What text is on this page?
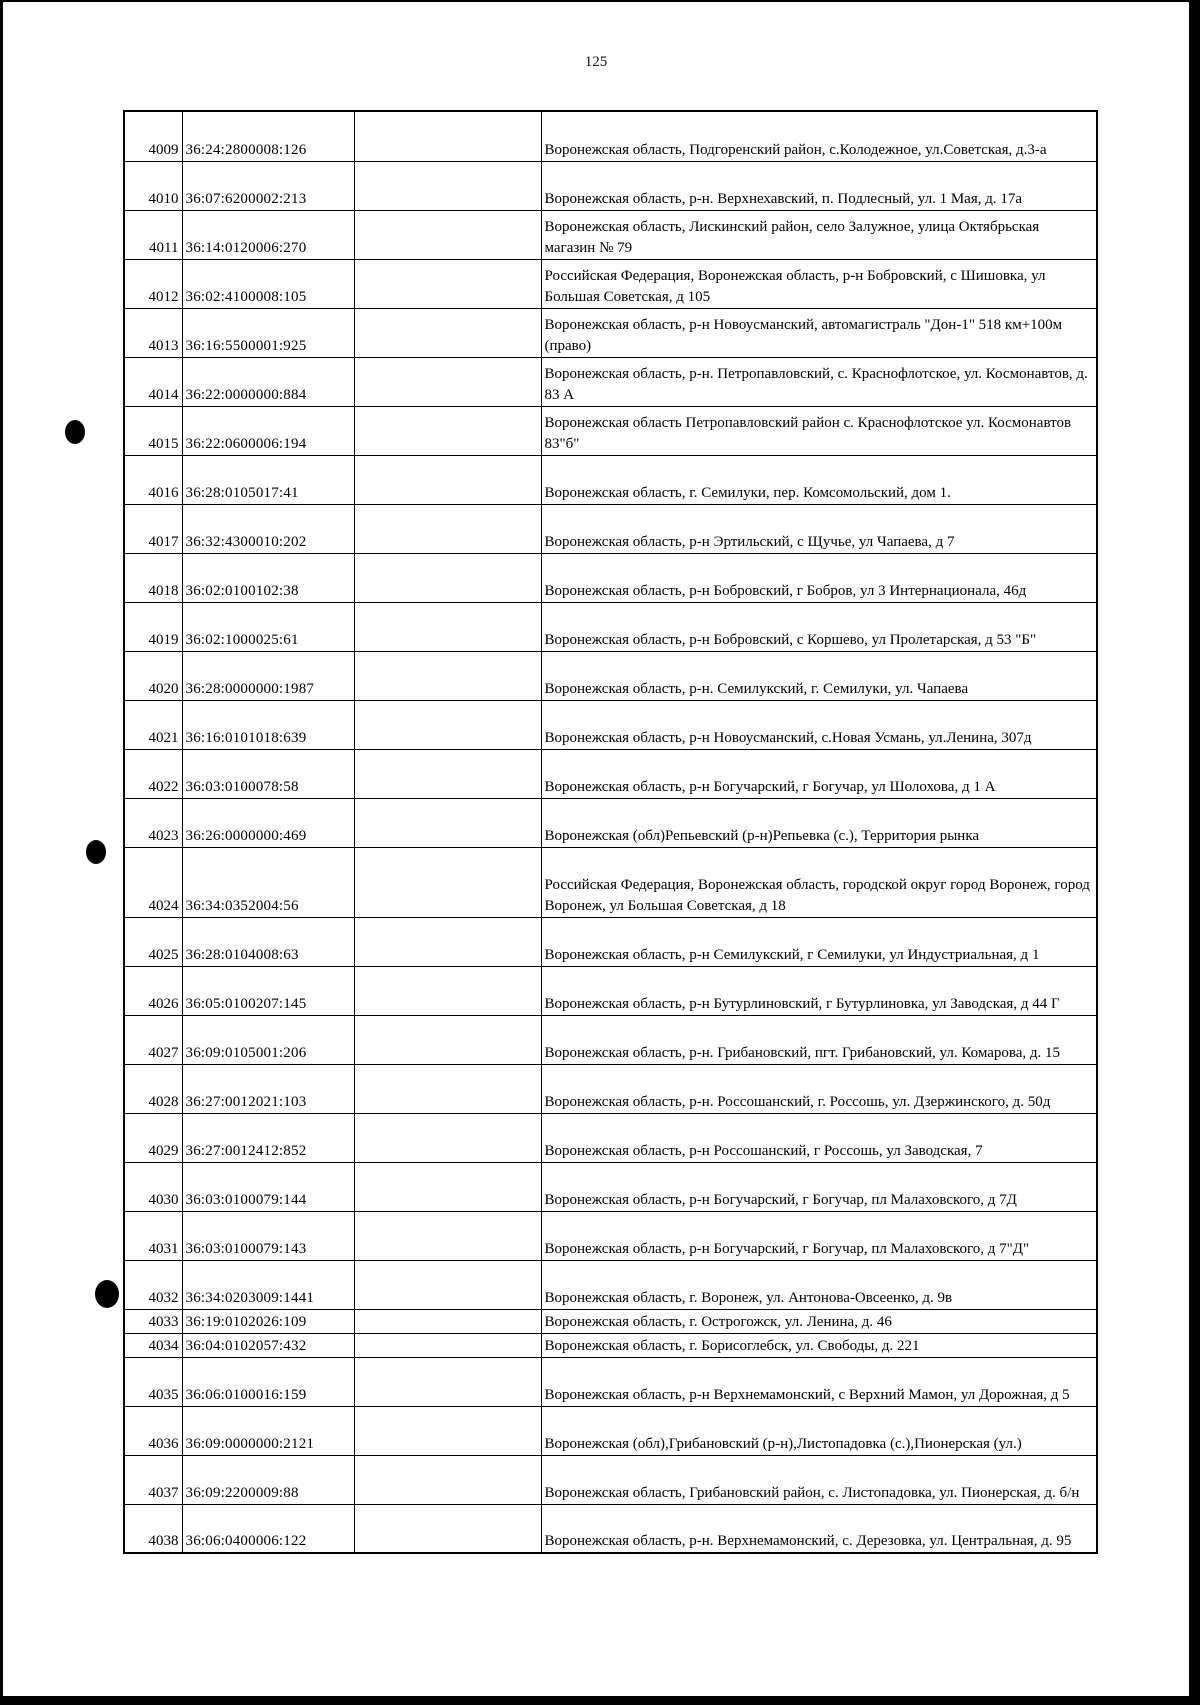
125
4009	36:24:2800008:126		Воронежская область, Подгоренский район, с.Колодежное, ул.Советская, д.3-а
4010	36:07:6200002:213		Воронежская область, р-н. Верхнехавский, п. Подлесный, ул. 1 Мая, д. 17а
4011	36:14:0120006:270		Воронежская область, Лискинский район, село Залужное, улица Октябрьская магазин № 79
4012	36:02:4100008:105		Российская Федерация, Воронежская область, р-н Бобровский, с Шишовка, ул Большая Советская, д 105
4013	36:16:5500001:925		Воронежская область, р-н Новоусманский, автомагистраль "Дон-1" 518 км+100м (право)
4014	36:22:0000000:884		Воронежская область, р-н. Петропавловский, с. Краснофлотское, ул. Космонавтов, д. 83 А
4015	36:22:0600006:194		Воронежская область Петропавловский район с. Краснофлотское ул. Космонавтов 83"б"
4016	36:28:0105017:41		Воронежская область, г. Семилуки, пер. Комсомольский, дом 1.
4017	36:32:4300010:202		Воронежская область, р-н Эртильский, с Щучье, ул Чапаева, д 7
4018	36:02:0100102:38		Воронежская область, р-н Бобровский, г Бобров, ул 3 Интернационала, 46д
4019	36:02:1000025:61		Воронежская область, р-н Бобровский, с Коршево, ул Пролетарская, д 53 "Б"
4020	36:28:0000000:1987		Воронежская область, р-н. Семилукский, г. Семилуки, ул. Чапаева
4021	36:16:0101018:639		Воронежская область, р-н Новоусманский, с.Новая Усмань, ул.Ленина, 307д
4022	36:03:0100078:58		Воронежская область, р-н Богучарский, г Богучар, ул Шолохова, д 1 А
4023	36:26:0000000:469		Воронежская (обл)Репьевский (р-н)Репьевка (с.), Территория рынка
4024	36:34:0352004:56		Российская Федерация, Воронежская область, городской округ город Воронеж, город Воронеж, ул Большая Советская, д 18
4025	36:28:0104008:63		Воронежская область, р-н Семилукский, г Семилуки, ул Индустриальная, д 1
4026	36:05:0100207:145		Воронежская область, р-н Бутурлиновский, г Бутурлиновка, ул Заводская, д 44 Г
4027	36:09:0105001:206		Воронежская область, р-н. Грибановский, пгт. Грибановский, ул. Комарова, д. 15
4028	36:27:0012021:103		Воронежская область, р-н. Россошанский, г. Россошь, ул. Дзержинского, д. 50д
4029	36:27:0012412:852		Воронежская область, р-н Россошанский, г Россошь, ул Заводская, 7
4030	36:03:0100079:144		Воронежская область, р-н Богучарский, г Богучар, пл Малаховского, д 7Д
4031	36:03:0100079:143		Воронежская область, р-н Богучарский, г Богучар, пл Малаховского, д 7"Д"
4032	36:34:0203009:1441		Воронежская область, г. Воронеж, ул. Антонова-Овсеенко, д. 9в
4033	36:19:0102026:109		Воронежская область, г. Острогожск, ул. Ленина, д. 46
4034	36:04:0102057:432		Воронежская область, г. Борисоглебск, ул. Свободы, д. 221
4035	36:06:0100016:159		Воронежская область, р-н Верхнемамонский, с Верхний Мамон, ул Дорожная, д 5
4036	36:09:0000000:2121		Воронежская (обл),Грибановский (р-н),Листопадовка (с.),Пионерская (ул.)
4037	36:09:2200009:88		Воронежская область, Грибановский район, с. Листопадовка, ул. Пионерская, д. б/н
4038	36:06:0400006:122		Воронежская область, р-н. Верхнемамонский, с. Дерезовка, ул. Центральная, д. 95
